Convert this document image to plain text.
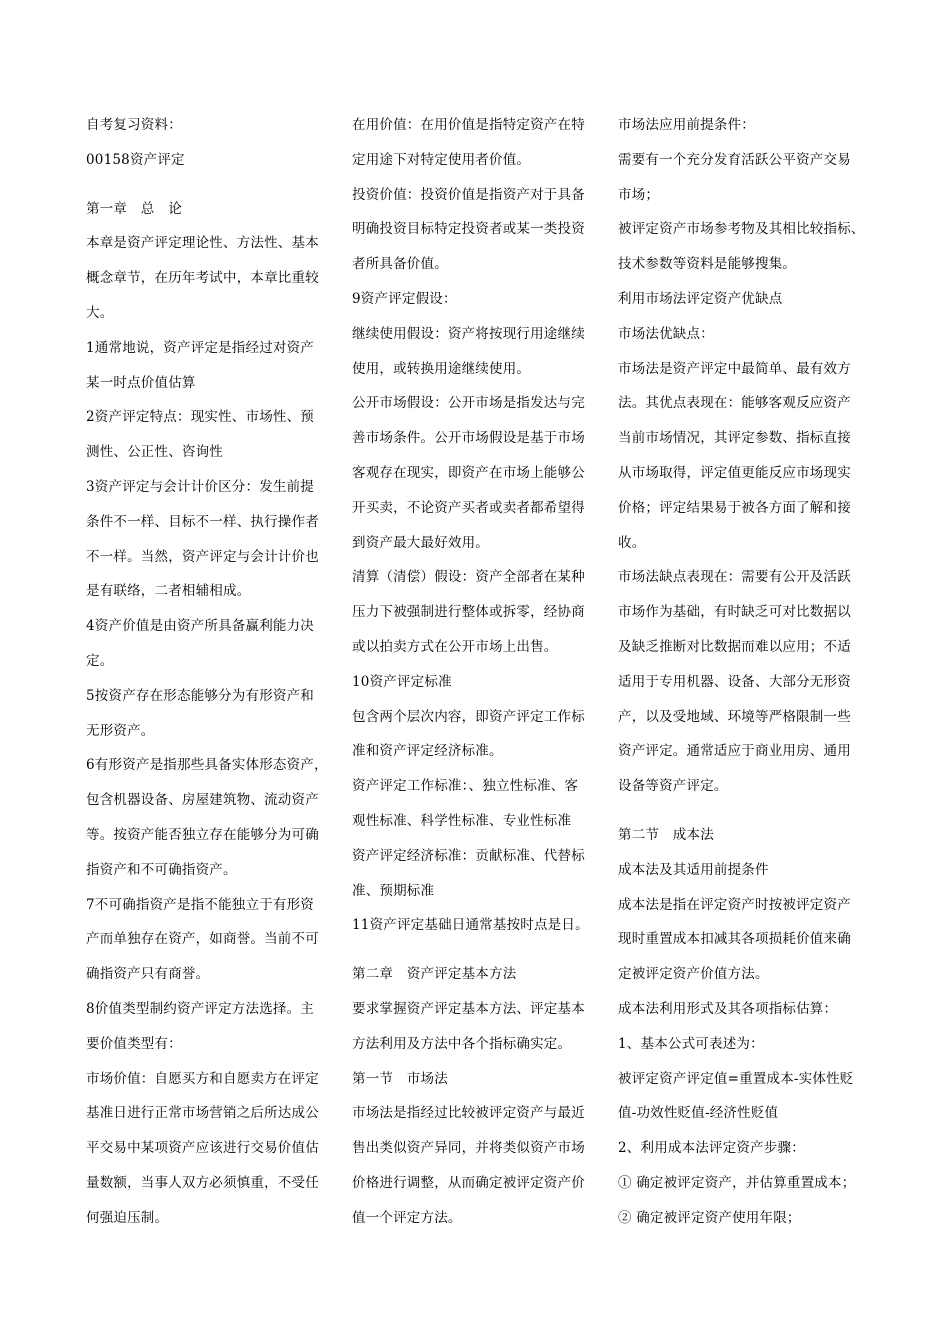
自考复习资料：
00158资产评定
第一章　总　论
本章是资产评定理论性、方法性、基本
概念章节，在历年考试中，本章比重较
大。
1通常地说，资产评定是指经过对资产
某一时点价值估算
2资产评定特点：现实性、市场性、预
测性、公正性、咨询性
3资产评定与会计计价区分：发生前提
条件不一样、目标不一样、执行操作者
不一样。当然，资产评定与会计计价也
是有联络，二者相辅相成。
4资产价值是由资产所具备赢利能力决
定。
5按资产存在形态能够分为有形资产和
无形资产。
6有形资产是指那些具备实体形态资产，
包含机器设备、房屋建筑物、流动资产
等。按资产能否独立存在能够分为可确
指资产和不可确指资产。
7不可确指资产是指不能独立于有形资
产而单独存在资产，如商誉。当前不可
确指资产只有商誉。
8价值类型制约资产评定方法选择。主
要价值类型有：
市场价值：自愿买方和自愿卖方在评定
基准日进行正常市场营销之后所达成公
平交易中某项资产应该进行交易价值估
量数额，当事人双方必须慎重，不受任
何强迫压制。
在用价值：在用价值是指特定资产在特
定用途下对特定使用者价值。
投资价值：投资价值是指资产对于具备
明确投资目标特定投资者或某一类投资
者所具备价值。
9资产评定假设：
继续使用假设：资产将按现行用途继续
使用，或转换用途继续使用。
公开市场假设：公开市场是指发达与完
善市场条件。公开市场假设是基于市场
客观存在现实，即资产在市场上能够公
开买卖，不论资产买者或卖者都希望得
到资产最大最好效用。
清算（清偿）假设：资产全部者在某种
压力下被强制进行整体或拆零，经协商
或以拍卖方式在公开市场上出售。
10资产评定标准
包含两个层次内容，即资产评定工作标
准和资产评定经济标准。
资产评定工作标准：、独立性标准、客
观性标准、科学性标准、专业性标准
资产评定经济标准：贡献标准、代替标
准、预期标准
11资产评定基础日通常基按时点是日。
第二章　资产评定基本方法
要求掌握资产评定基本方法、评定基本
方法利用及方法中各个指标确实定。
第一节　市场法
市场法是指经过比较被评定资产与最近
售出类似资产异同，并将类似资产市场
价格进行调整，从而确定被评定资产价
值一个评定方法。
市场法应用前提条件：
需要有一个充分发育活跃公平资产交易
市场；
被评定资产市场参考物及其相比较指标、
技术参数等资料是能够搜集。
利用市场法评定资产优缺点
市场法优缺点：
市场法是资产评定中最简单、最有效方
法。其优点表现在：能够客观反应资产
当前市场情况，其评定参数、指标直接
从市场取得，评定值更能反应市场现实
价格；评定结果易于被各方面了解和接
收。
市场法缺点表现在：需要有公开及活跃
市场作为基础，有时缺乏可对比数据以
及缺乏推断对比数据而难以应用；不适
适用于专用机器、设备、大部分无形资
产，以及受地域、环境等严格限制一些
资产评定。通常适应于商业用房、通用
设备等资产评定。
第二节　成本法
成本法及其适用前提条件
成本法是指在评定资产时按被评定资产
现时重置成本扣减其各项损耗价值来确
定被评定资产价值方法。
成本法利用形式及其各项指标估算：
1、基本公式可表述为：
被评定资产评定值=重置成本-实体性贬
值-功效性贬值-经济性贬值
2、利用成本法评定资产步骤：
① 确定被评定资产，并估算重置成本；
② 确定被评定资产使用年限；
